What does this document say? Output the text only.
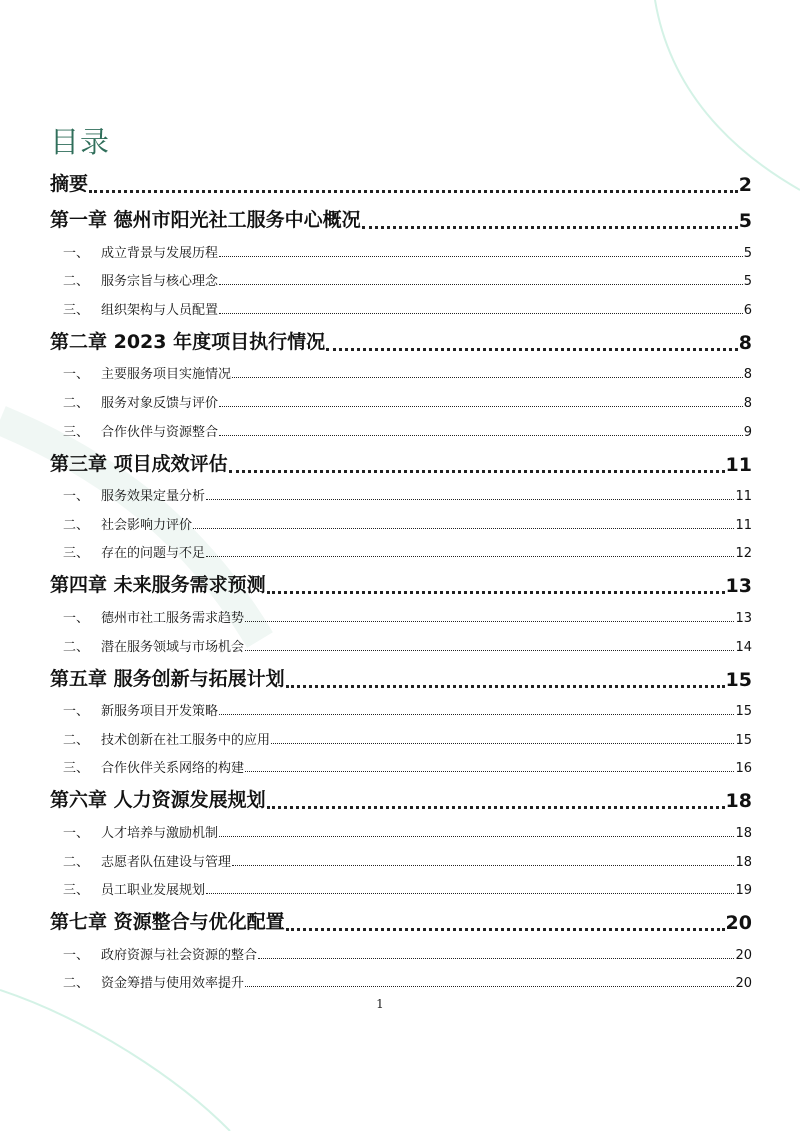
目录
摘要	2
第一章 德州市阳光社工服务中心概况	5
一、 成立背景与发展历程	5
二、 服务宗旨与核心理念	5
三、 组织架构与人员配置	6
第二章 2023 年度项目执行情况	8
一、 主要服务项目实施情况	8
二、 服务对象反馈与评价	8
三、 合作伙伴与资源整合	9
第三章 项目成效评估	11
一、 服务效果定量分析	11
二、 社会影响力评价	11
三、 存在的问题与不足	12
第四章 未来服务需求预测	13
一、 德州市社工服务需求趋势	13
二、 潜在服务领域与市场机会	14
第五章 服务创新与拓展计划	15
一、 新服务项目开发策略	15
二、 技术创新在社工服务中的应用	15
三、 合作伙伴关系网络的构建	16
第六章 人力资源发展规划	18
一、 人才培养与激励机制	18
二、 志愿者队伍建设与管理	18
三、 员工职业发展规划	19
第七章 资源整合与优化配置	20
一、 政府资源与社会资源的整合	20
二、 资金筹措与使用效率提升	20
1
